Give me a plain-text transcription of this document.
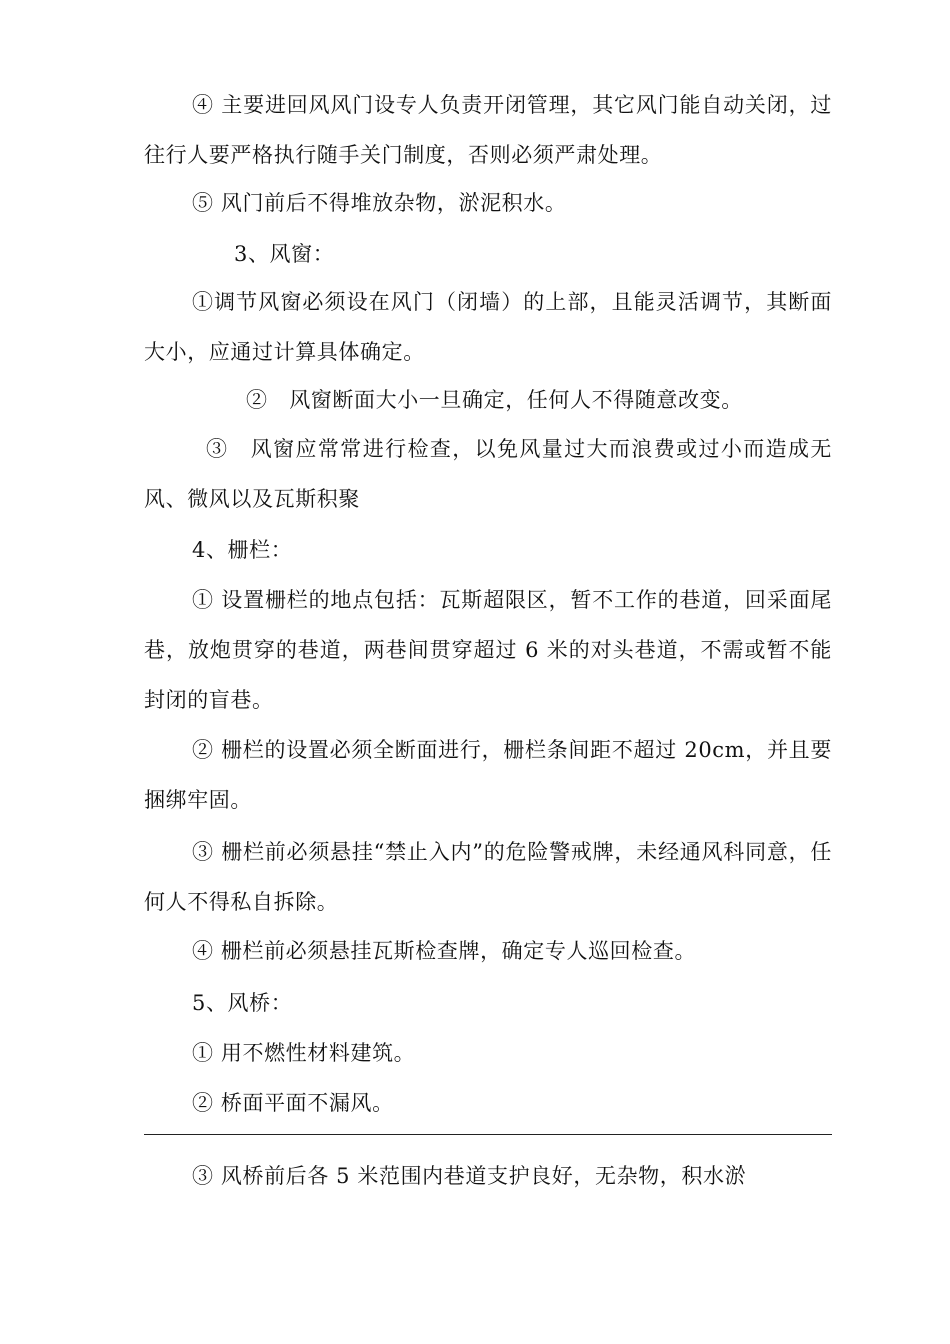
④ 主要进回风风门设专人负责开闭管理，其它风门能自动关闭，过往行人要严格执行随手关门制度，否则必须严肃处理。
⑤ 风门前后不得堆放杂物，淤泥积水。
3、风窗：
①调节风窗必须设在风门（闭墙）的上部，且能灵活调节，其断面大小，应通过计算具体确定。
②　风窗断面大小一旦确定，任何人不得随意改变。
③　风窗应常常进行检查，以免风量过大而浪费或过小而造成无风、微风以及瓦斯积聚
4、栅栏：
① 设置栅栏的地点包括：瓦斯超限区，暂不工作的巷道，回采面尾巷，放炮贯穿的巷道，两巷间贯穿超过 6 米的对头巷道，不需或暂不能封闭的盲巷。
② 栅栏的设置必须全断面进行，栅栏条间距不超过 20cm，并且要捆绑牢固。
③ 栅栏前必须悬挂“禁止入内”的危险警戒牌，未经通风科同意，任何人不得私自拆除。
④ 栅栏前必须悬挂瓦斯检查牌，确定专人巡回检查。
5、风桥：
① 用不燃性材料建筑。
② 桥面平面不漏风。
③ 风桥前后各 5 米范围内巷道支护良好，无杂物，积水淤
